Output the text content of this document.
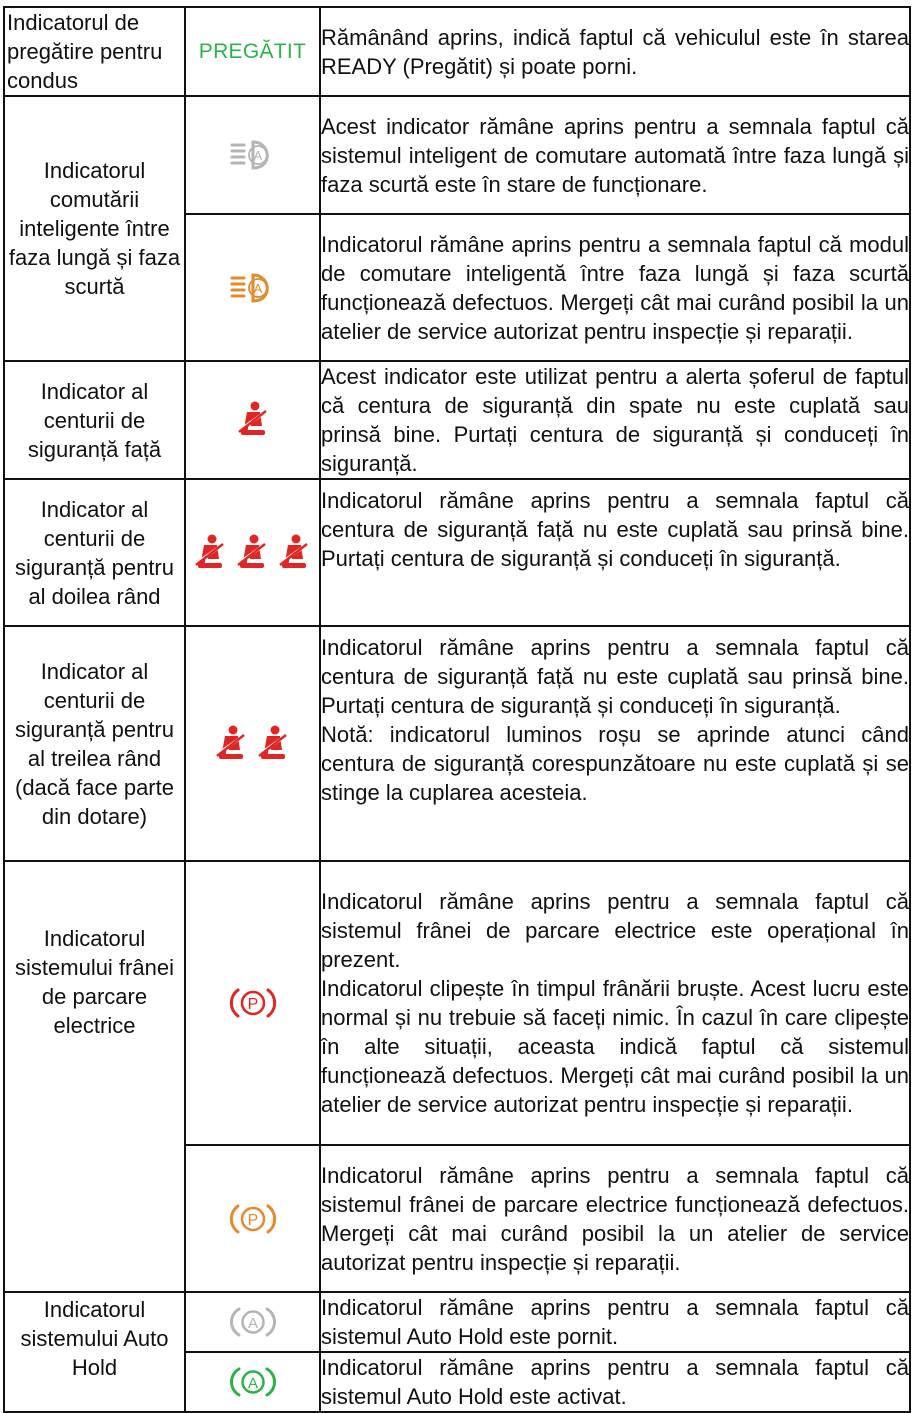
Indicatorul de pregătire pentru condus	PREGĂTIT	Rămânând aprins, indică faptul că vehiculul este în starea READY (Pregătit) și poate porni.
Indicatorul comutării inteligente între faza lungă și faza scurtă	A	Acest indicator rămâne aprins pentru a semnala faptul că sistemul inteligent de comutare automată între faza lungă și faza scurtă este în stare de funcționare.

A	Indicatorul rămâne aprins pentru a semnala faptul că modul de comutare inteligentă între faza lungă și faza scurtă funcționează defectuos. Mergeți cât mai curând posibil la un atelier de service autorizat pentru inspecție și reparații.
Indicator al centurii de siguranță față		Acest indicator este utilizat pentru a alerta șoferul de faptul că centura de siguranță din spate nu este cuplată sau prinsă bine. Purtați centura de siguranță și conduceți în siguranță.
Indicator al centurii de siguranță pentru al doilea rând		Indicatorul rămâne aprins pentru a semnala faptul că centura de siguranță față nu este cuplată sau prinsă bine. Purtați centura de siguranță și conduceți în siguranță.
Indicator al centurii de siguranță pentru al treilea rând (dacă face parte din dotare)		Indicatorul rămâne aprins pentru a semnala faptul că centura de siguranță față nu este cuplată sau prinsă bine. Purtați centura de siguranță și conduceți în siguranță.
Notă: indicatorul luminos roșu se aprinde atunci când centura de siguranță corespunzătoare nu este cuplată și se stinge la cuplarea acesteia.

Indicatorul sistemului frânei de parcare electrice	P	Indicatorul rămâne aprins pentru a semnala faptul că sistemul frânei de parcare electrice este operațional în prezent.
Indicatorul clipește în timpul frânării bruște. Acest lucru este normal și nu trebuie să faceți nimic. În cazul în care clipește în alte situații, aceasta indică faptul că sistemul funcționează defectuos. Mergeți cât mai curând posibil la un atelier de service autorizat pentru inspecție și reparații.

P	Indicatorul rămâne aprins pentru a semnala faptul că sistemul frânei de parcare electrice funcționează defectuos. Mergeți cât mai curând posibil la un atelier de service autorizat pentru inspecție și reparații.
Indicatorul sistemului Auto Hold	A	Indicatorul rămâne aprins pentru a semnala faptul că sistemul Auto Hold este pornit.

A	Indicatorul rămâne aprins pentru a semnala faptul că sistemul Auto Hold este activat.
